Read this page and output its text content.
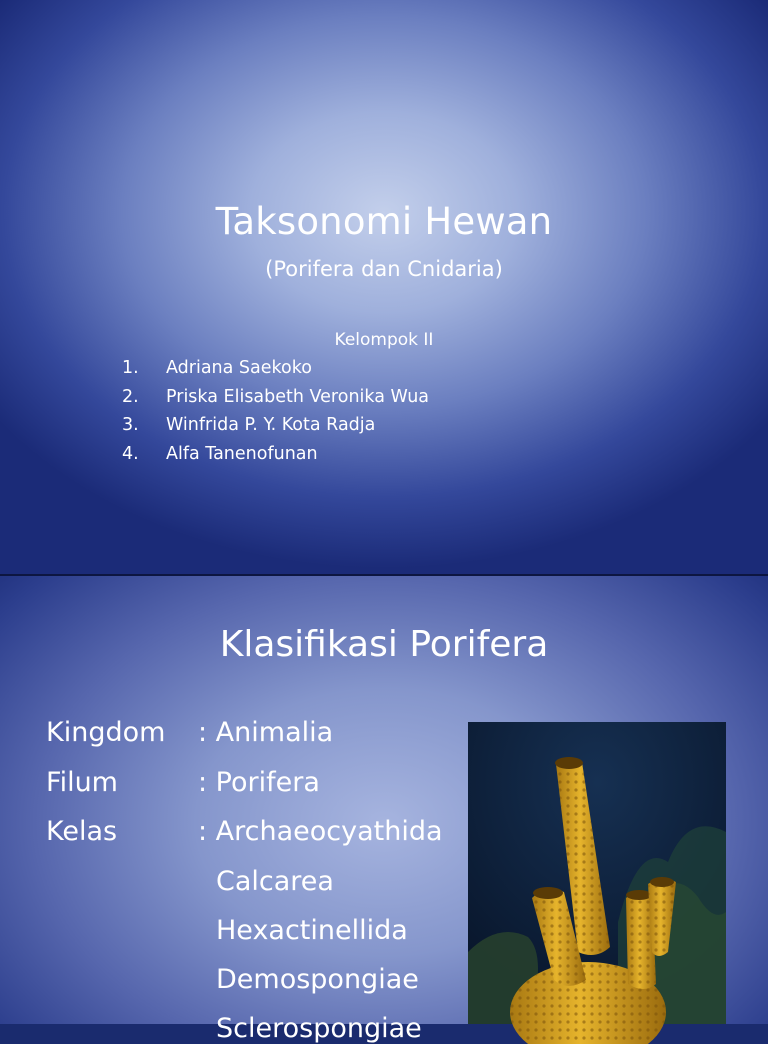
Taksonomi Hewan
(Porifera dan Cnidaria)
Kelompok II
1.	Adriana Saekoko
2.	Priska Elisabeth Veronika Wua
3.	Winfrida P. Y. Kota Radja
4.	Alfa Tanenofunan
Klasifikasi Porifera
Kingdom : Animalia
Filum	: Porifera
Kelas	: Archaeocyathida
Calcarea
Hexactinellida
Demospongiae
Sclerospongiae
